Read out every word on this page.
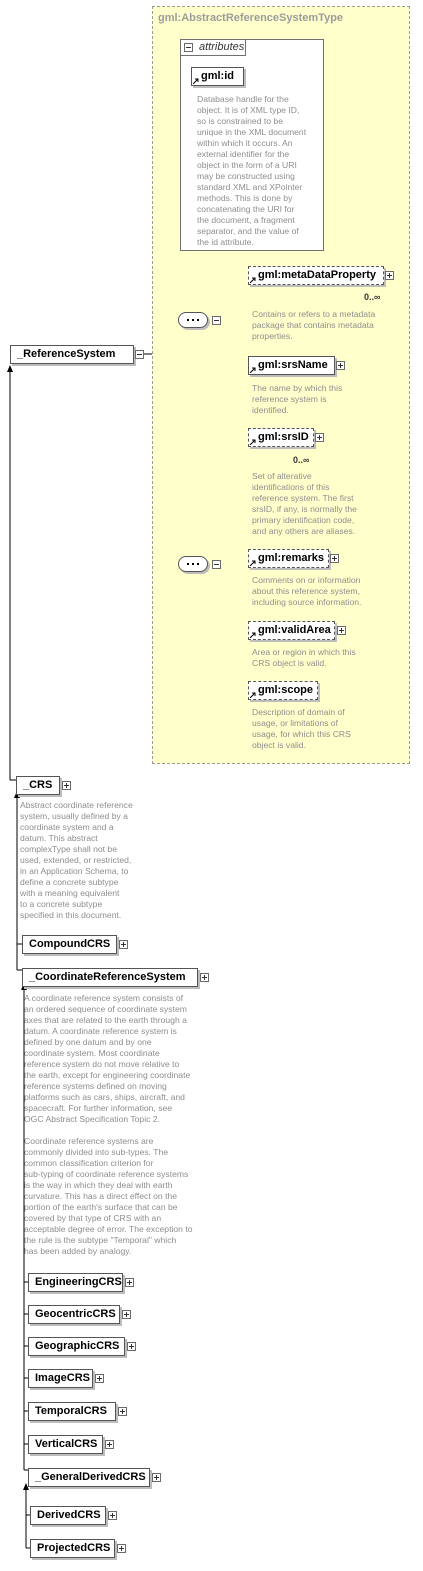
gml:AbstractReferenceSystemType
attributes
gml:id
Database handle for the
object. It is of XML type ID,
so is constrained to be
unique in the XML document
within which it occurs. An
external identifier for the
object in the form of a URI
may be constructed using
standard XML and XPointer
methods. This is done by
concatenating the URI for
the document, a fragment
separator, and the value of
the id attribute.
_ReferenceSystem
gml:metaDataProperty
0..∞
Contains or refers to a metadata
package that contains metadata
properties.
gml:srsName
The name by which this
reference system is
identified.
gml:srsID
0..∞
Set of alterative
identifications of this
reference system. The first
srsID, if any, is normally the
primary identification code,
and any others are aliases.
gml:remarks
Comments on or information
about this reference system,
including source information.
gml:validArea
Area or region in which this
CRS object is valid.
gml:scope
Description of domain of
usage, or limitations of
usage, for which this CRS
object is valid.
_CRS
Abstract coordinate reference
system, usually defined by a
coordinate system and a
datum. This abstract
complexType shall not be
used, extended, or restricted,
in an Application Schema, to
define a concrete subtype
with a meaning equivalent
to a concrete subtype
specified in this document.
CompoundCRS
_CoordinateReferenceSystem
A coordinate reference system consists of
an ordered sequence of coordinate system
axes that are related to the earth through a
datum. A coordinate reference system is
defined by one datum and by one
coordinate system. Most coordinate
reference system do not move relative to
the earth, except for engineering coordinate
reference systems defined on moving
platforms such as cars, ships, aircraft, and
spacecraft. For further information, see
OGC Abstract Specification Topic 2.

Coordinate reference systems are
commonly divided into sub-types. The
common classification criterion for
sub-typing of coordinate reference systems
is the way in which they deal with earth
curvature. This has a direct effect on the
portion of the earth's surface that can be
covered by that type of CRS with an
acceptable degree of error. The exception to
the rule is the subtype "Temporal" which
has been added by analogy.
EngineeringCRS
GeocentricCRS
GeographicCRS
ImageCRS
TemporalCRS
VerticalCRS
_GeneralDerivedCRS
DerivedCRS
ProjectedCRS
